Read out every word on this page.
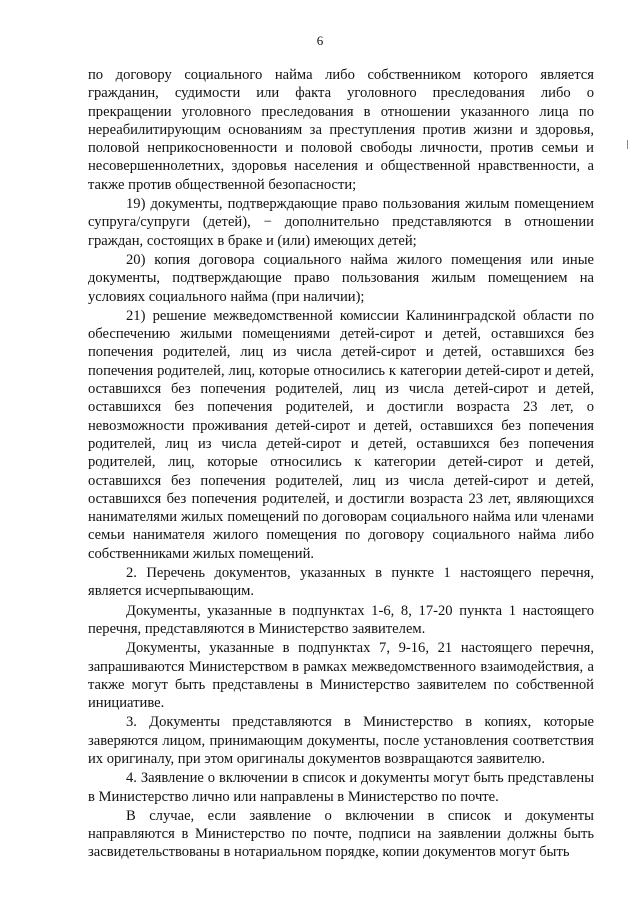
6

по договору социального найма либо собственником которого является гражданин, судимости или факта уголовного преследования либо о прекращении уголовного преследования в отношении указанного лица по нереабилитирующим основаниям за преступления против жизни и здоровья, половой неприкосновенности и половой свободы личности, против семьи и несовершеннолетних, здоровья населения и общественной нравственности, а также против общественной безопасности;

19) документы, подтверждающие право пользования жилым помещением супруга/супруги (детей), − дополнительно представляются в отношении граждан, состоящих в браке и (или) имеющих детей;

20) копия договора социального найма жилого помещения или иные документы, подтверждающие право пользования жилым помещением на условиях социального найма (при наличии);

21) решение межведомственной комиссии Калининградской области по обеспечению жилыми помещениями детей-сирот и детей, оставшихся без попечения родителей, лиц из числа детей-сирот и детей, оставшихся без попечения родителей, лиц, которые относились к категории детей-сирот и детей, оставшихся без попечения родителей, лиц из числа детей-сирот и детей, оставшихся без попечения родителей, и достигли возраста 23 лет, о невозможности проживания детей-сирот и детей, оставшихся без попечения родителей, лиц из числа детей-сирот и детей, оставшихся без попечения родителей, лиц, которые относились к категории детей-сирот и детей, оставшихся без попечения родителей, лиц из числа детей-сирот и детей, оставшихся без попечения родителей, и достигли возраста 23 лет, являющихся нанимателями жилых помещений по договорам социального найма или членами семьи нанимателя жилого помещения по договору социального найма либо собственниками жилых помещений.

2. Перечень документов, указанных в пункте 1 настоящего перечня, является исчерпывающим.

Документы, указанные в подпунктах 1-6, 8, 17-20 пункта 1 настоящего перечня, представляются в Министерство заявителем.

Документы, указанные в подпунктах 7, 9-16, 21 настоящего перечня, запрашиваются Министерством в рамках межведомственного взаимодействия, а также могут быть представлены в Министерство заявителем по собственной инициативе.

3. Документы представляются в Министерство в копиях, которые заверяются лицом, принимающим документы, после установления соответствия их оригиналу, при этом оригиналы документов возвращаются заявителю.

4. Заявление о включении в список и документы могут быть представлены в Министерство лично или направлены в Министерство по почте.

В случае, если заявление о включении в список и документы направляются в Министерство по почте, подписи на заявлении должны быть засвидетельствованы в нотариальном порядке, копии документов могут быть
